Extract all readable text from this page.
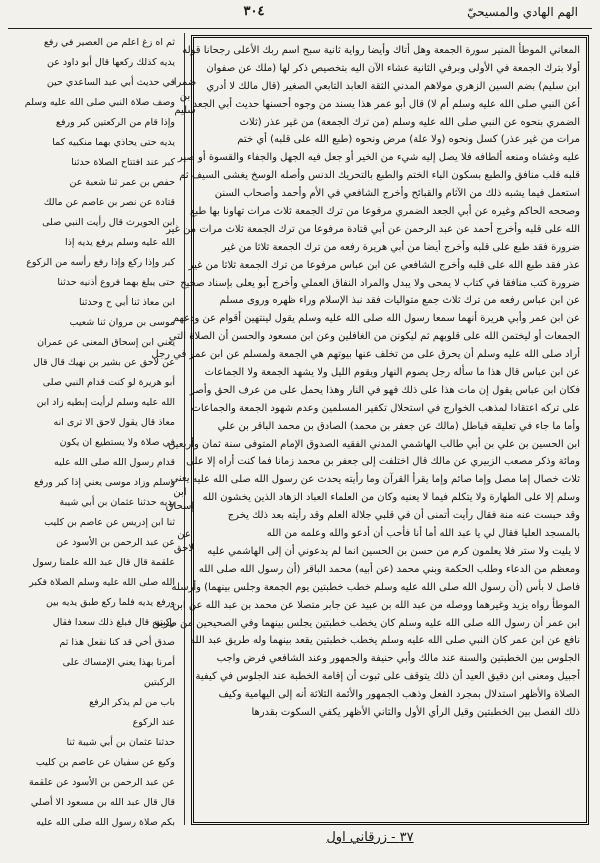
الهم الهادي والمسيحيّ
٣٠٤
ثم اه زغ اعلم من العصير في رفع
يديه كذلك ركعها قال أبو داود عن
في حديث أبي عبد الساعدي حين
وصف صلاة النبي صلى الله عليه وسلم
وإذا قام من الركعتين كبر ورفع
يديه حتى يحاذي بهما منكبيه كما
كبر عند افتتاح الصلاة حدثنا
حفص بن عمر ثنا شعبة عن
قتادة عن نصر بن عاصم عن مالك
ابن الحويرث قال رأيت النبي صلى
الله عليه وسلم يرفع يديه إذا
كبر وإذا ركع وإذا رفع رأسه من الركوع
حتى يبلغ بهما فروع أذنيه حدثنا
ابن معاذ ثنا أبي ح وحدثنا
موسى بن مروان ثنا شعيب
يعني ابن إسحاق المعنى عن عمران
عن لاحق عن بشير بن نهيك قال قال
أبو هريرة لو كنت قدام النبي صلى
الله عليه وسلم لرأيت إبطيه زاد ابن
معاذ قال يقول لاحق الا ترى انه
في صلاة ولا يستطيع ان يكون
قدام رسول الله صلى الله عليه
وسلم وزاد موسى يعني إذا كبر ورفع
يديه حدثنا عثمان بن أبي شيبة
ثنا ابن إدريس عن عاصم بن كليب
عن عبد الرحمن بن الأسود عن
علقمة قال قال عبد الله علمنا رسول
الله صلى الله عليه وسلم الصلاة فكبر
ورفع يديه فلما ركع طبق يديه بين
ركبتيه قال فبلغ ذلك سعدا فقال
صدق أخي قد كنا نفعل هذا ثم
أمرنا بهذا يعني الإمساك على
الركبتين
باب من لم يذكر الرفع
عند الركوع
حدثنا عثمان بن أبي شيبة ثنا
وكيع عن سفيان عن عاصم بن كليب
عن عبد الرحمن بن الأسود عن علقمة
قال قال عبد الله بن مسعود الا أصلي
بكم صلاة رسول الله صلى الله عليه
ضمرا بن سليم
يعني ابن إسحاق
عن لاحق
المعاني الموطأ المنير سورة الجمعة وهل أتاك وأيضا رواية ثانية سبح اسم ربك الأعلى رجحانا قوله
أولا بترك الجمعة في الأولى وبرفي الثانية عشاء الآن اليه بتخصيص ذكر لها (ملك عن صفوان
ابن سليم) بضم السين الزهري مولاهم المدني الثقة العابد التابعي الصغير (قال مالك لا أدري
أعن النبي صلى الله عليه وسلم أم لا) قال أبو عمر هذا يسند من وجوه أحسنها حديث أبي الجعد
الضمري بنحوه عن النبي صلى الله عليه وسلم (من ترك الجمعة) من غير عذر (ثلاث
مرات من غير عذر) كسل ونحوه (ولا علة) مرض ونحوه (طبع الله على قلبه) أي ختم
عليه وغشاه ومنعه ألطافه فلا يصل إليه شيء من الخير أو جعل فيه الجهل والجفاء والقسوة أو صير
قلبه قلب منافق والطبع بسكون الباء الختم والطبع بالتحريك الدنس وأصله الوسخ يغشى السيف ثم
استعمل فيما يشبه ذلك من الآثام والقبائح وأخرج الشافعي في الأم وأحمد وأصحاب السنن
وصححه الحاكم وغيره عن أبي الجعد الضمري مرفوعا من ترك الجمعة ثلاث مرات تهاونا بها طبع
الله على قلبه وأخرج أحمد عن عبد الرحمن عن أبي قتادة مرفوعا من ترك الجمعة ثلاث مرات من غير
ضرورة فقد طبع على قلبه وأخرج أيضا من أبي هريرة رفعه من ترك الجمعة ثلاثا من غير
عذر فقد طبع الله على قلبه وأخرج الشافعي عن ابن عباس مرفوعا من ترك الجمعة ثلاثا من غير
ضرورة كتب منافقا في كتاب لا يمحى ولا يبدل والمراد النفاق العملي وأخرج أبو يعلى بإسناد صحيح
عن ابن عباس رفعه من ترك ثلاث جمع متواليات فقد نبذ الإسلام وراء ظهره وروى مسلم
عن ابن عمر وأبي هريرة أنهما سمعا رسول الله صلى الله عليه وسلم يقول لينتهين أقوام عن ودعهم
الجمعات أو ليختمن الله على قلوبهم ثم ليكونن من الغافلين وعن ابن مسعود والحسن أن الصلاة التي
أراد صلى الله عليه وسلم أن يحرق على من تخلف عنها بيوتهم هي الجمعة ولمسلم عن ابن عمر في رجل
عن ابن عباس قال هذا ما سأله رجل يصوم النهار ويقوم الليل ولا يشهد الجمعة ولا الجماعات
فكان ابن عباس يقول إن مات هذا على ذلك فهو في النار وهذا يحمل على من عرف الحق وأصر
على تركه اعتقادا لمذهب الخوارج في استحلال تكفير المسلمين وعدم شهود الجمعة والجماعات
وأما ما جاء في تعليقه فباطل (مالك عن جعفر بن محمد) الصادق بن محمد الباقر بن علي
ابن الحسين بن علي بن أبي طالب الهاشمي المدني الفقيه الصدوق الإمام المتوفى سنة ثمان وأربعين
ومائة وذكر مصعب الزبيري عن مالك قال اختلفت إلى جعفر بن محمد زمانا فما كنت أراه إلا على
ثلاث خصال إما مصل وإما صائم وإما يقرأ القرآن وما رأيته يحدث عن رسول الله صلى الله عليه
وسلم إلا على الطهارة ولا يتكلم فيما لا يعنيه وكان من العلماء العباد الزهاد الذين يخشون الله
وقد حبست عنه منة فقال رأيت أتمنى أن في قلبي جلالة العلم وقد رأيته بعد ذلك يخرج
بالمسجد العليا فقال لي يا عبد الله أما أنا فأحب أن أدعو والله وعلمه من الله
لا يليت ولا ستر فلا يعلمون كرم من حسن بن الحسين انما لم يدعوني أن إلى الهاشمي عليه
ومعظم من الدعاء وطلب الحكمة وبني محمد (عن أبيه) محمد الباقر (أن رسول الله صلى الله
فاصل لا بأس (أن رسول الله صلى الله عليه وسلم خطب خطبتين يوم الجمعة وجلس بينهما) وأرسله
الموطأ رواه يزيد وغيرهما ووصله من عبد الله بن عبيد عن جابر متصلا عن محمد بن عبد الله عن ابن
ابن عمر أن رسول الله صلى الله عليه وسلم كان يخطب خطبتين يجلس بينهما وفي الصحيحين من طريق
نافع عن ابن عمر كان النبي صلى الله عليه وسلم يخطب خطبتين يقعد بينهما وله طريق عبد الله
الجلوس بين الخطبتين والسنة عند مالك وأبي حنيفة والجمهور وعند الشافعي فرض واجب
أجبيل ومعنى ابن دقيق العيد أن ذلك يتوقف على ثبوت أن إقامة الخطبة عند الجلوس في كيفية
الصلاة والأظهر استدلال بمجرد الفعل وذهب الجمهور والأئمة الثلاثة أنه إلى اليهامية وكيف
ذلك الفصل بين الخطبتين وقيل الرأي الأول والثاني الأظهر يكفي السكوت بقدرها
٣٧ - زرقاني اول
